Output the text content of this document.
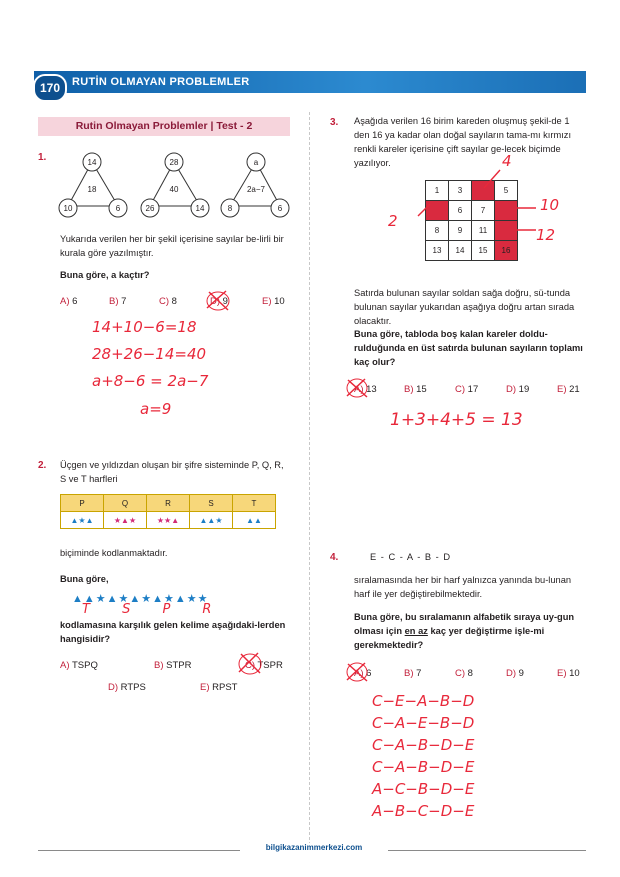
170	RUTİN OLMAYAN PROBLEMLER
Rutin Olmayan Problemler | Test - 2
1.	14
18
10	6
28
40
26	14
a
2a−7
8	6
Yukarıda verilen her bir şekil içerisine sayılar be-lirli bir kurala göre yazılmıştır.
Buna göre, a kaçtır?
A) 6	B) 7	C) 8	D) 9	E) 10
14+10−6=18
28+26−14=40
a+8−6 = 2a−7
a=9
2. Üçgen ve yıldızdan oluşan bir şifre sisteminde P, Q, R, S ve T harfleri
P	Q	R	S	T
▲★▲	★▲★	★★▲	▲▲★	▲▲
biçiminde kodlanmaktadır.
Buna göre,
▲▲★▲★▲★▲★▲★★
T S P R
kodlamasına karşılık gelen kelime aşağıdaki-lerden hangisidir?
A) TSPQ	B) STPR	C) TSPR
D) RTPS	E) RPST
3. Aşağıda verilen 16 birim kareden oluşmuş şekil-de 1 den 16 ya kadar olan doğal sayıların tama-mı kırmızı renkli kareler içerisine çift sayılar ge-lecek biçimde yazılıyor.
1	3		5
	6	7	
8	9	11	
13	14	15	16
4
2
10
12
Satırda bulunan sayılar soldan sağa doğru, sü-tunda bulunan sayılar yukarıdan aşağıya doğru artan sırada olacaktır.
Buna göre, tabloda boş kalan kareler doldu-rulduğunda en üst satırda bulunan sayıların toplamı kaç olur?
A) 13	B) 15	C) 17	D) 19	E) 21
1+3+4+5 = 13
4.	E - C - A - B - D
sıralamasında her bir harf yalnızca yanında bu-lunan harf ile yer değiştirebilmektedir.
Buna göre, bu sıralamanın alfabetik sıraya uy-gun olması için en az kaç yer değiştirme işle-mi gerekmektedir?
A) 6	B) 7	C) 8	D) 9	E) 10
C−E−A−B−D
C−A−E−B−D
C−A−B−D−E
C−A−B−D−E
A−C−B−D−E
A−B−C−D−E
bilgikazanimmerkezi.com
